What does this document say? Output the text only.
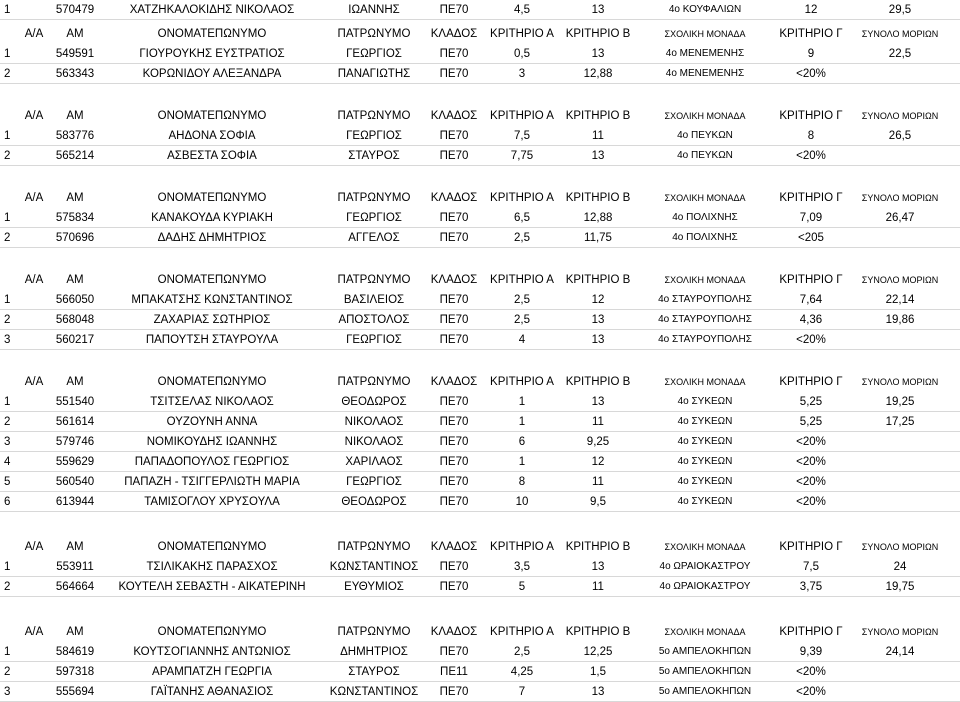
1	570479	ΧΑΤΖΗΚΑΛΟΚΙΔΗΣ ΝΙΚΟΛΑΟΣ	ΙΩΑΝΝΗΣ	ΠΕ70	4,5	13	4ο ΚΟΥΦΑΛΙΩΝ	12	29,5
Α/Α	ΑΜ	ΟΝΟΜΑΤΕΠΩΝΥΜΟ	ΠΑΤΡΩΝΥΜΟ	ΚΛΑΔΟΣ	ΚΡΙΤΗΡΙΟ Α	ΚΡΙΤΗΡΙΟ Β	ΣΧΟΛΙΚΗ ΜΟΝΑΔΑ	ΚΡΙΤΗΡΙΟ Γ	ΣΥΝΟΛΟ ΜΟΡΙΩΝ
1	549591	ΓΙΟΥΡΟΥΚΗΣ ΕΥΣΤΡΑΤΙΟΣ	ΓΕΩΡΓΙΟΣ	ΠΕ70	0,5	13	4ο ΜΕΝΕΜΕΝΗΣ	9	22,5
2	563343	ΚΟΡΩΝΙΔΟΥ ΑΛΕΞΑΝΔΡΑ	ΠΑΝΑΓΙΩΤΗΣ	ΠΕ70	3	12,88	4ο ΜΕΝΕΜΕΝΗΣ	<20%
Α/Α	ΑΜ	ΟΝΟΜΑΤΕΠΩΝΥΜΟ	ΠΑΤΡΩΝΥΜΟ	ΚΛΑΔΟΣ	ΚΡΙΤΗΡΙΟ Α	ΚΡΙΤΗΡΙΟ Β	ΣΧΟΛΙΚΗ ΜΟΝΑΔΑ	ΚΡΙΤΗΡΙΟ Γ	ΣΥΝΟΛΟ ΜΟΡΙΩΝ
1	583776	ΑΗΔΟΝΑ ΣΟΦΙΑ	ΓΕΩΡΓΙΟΣ	ΠΕ70	7,5	11	4ο ΠΕΥΚΩΝ	8	26,5
2	565214	ΑΣΒΕΣΤΑ ΣΟΦΙΑ	ΣΤΑΥΡΟΣ	ΠΕ70	7,75	13	4ο ΠΕΥΚΩΝ	<20%
Α/Α	ΑΜ	ΟΝΟΜΑΤΕΠΩΝΥΜΟ	ΠΑΤΡΩΝΥΜΟ	ΚΛΑΔΟΣ	ΚΡΙΤΗΡΙΟ Α	ΚΡΙΤΗΡΙΟ Β	ΣΧΟΛΙΚΗ ΜΟΝΑΔΑ	ΚΡΙΤΗΡΙΟ Γ	ΣΥΝΟΛΟ ΜΟΡΙΩΝ
1	575834	ΚΑΝΑΚΟΥΔΑ ΚΥΡΙΑΚΗ	ΓΕΩΡΓΙΟΣ	ΠΕ70	6,5	12,88	4ο ΠΟΛΙΧΝΗΣ	7,09	26,47
2	570696	ΔΑΔΗΣ ΔΗΜΗΤΡΙΟΣ	ΑΓΓΕΛΟΣ	ΠΕ70	2,5	11,75	4ο ΠΟΛΙΧΝΗΣ	<205
Α/Α	ΑΜ	ΟΝΟΜΑΤΕΠΩΝΥΜΟ	ΠΑΤΡΩΝΥΜΟ	ΚΛΑΔΟΣ	ΚΡΙΤΗΡΙΟ Α	ΚΡΙΤΗΡΙΟ Β	ΣΧΟΛΙΚΗ ΜΟΝΑΔΑ	ΚΡΙΤΗΡΙΟ Γ	ΣΥΝΟΛΟ ΜΟΡΙΩΝ
1	566050	ΜΠΑΚΑΤΣΗΣ ΚΩΝΣΤΑΝΤΙΝΟΣ	ΒΑΣΙΛΕΙΟΣ	ΠΕ70	2,5	12	4ο ΣΤΑΥΡΟΥΠΟΛΗΣ	7,64	22,14
2	568048	ΖΑΧΑΡΙΑΣ ΣΩΤΗΡΙΟΣ	ΑΠΟΣΤΟΛΟΣ	ΠΕ70	2,5	13	4ο ΣΤΑΥΡΟΥΠΟΛΗΣ	4,36	19,86
3	560217	ΠΑΠΟΥΤΣΗ ΣΤΑΥΡΟΥΛΑ	ΓΕΩΡΓΙΟΣ	ΠΕ70	4	13	4ο ΣΤΑΥΡΟΥΠΟΛΗΣ	<20%
Α/Α	ΑΜ	ΟΝΟΜΑΤΕΠΩΝΥΜΟ	ΠΑΤΡΩΝΥΜΟ	ΚΛΑΔΟΣ	ΚΡΙΤΗΡΙΟ Α	ΚΡΙΤΗΡΙΟ Β	ΣΧΟΛΙΚΗ ΜΟΝΑΔΑ	ΚΡΙΤΗΡΙΟ Γ	ΣΥΝΟΛΟ ΜΟΡΙΩΝ
1	551540	ΤΣΙΤΣΕΛΑΣ ΝΙΚΟΛΑΟΣ	ΘΕΟΔΩΡΟΣ	ΠΕ70	1	13	4ο ΣΥΚΕΩΝ	5,25	19,25
2	561614	ΟΥΖΟΥΝΗ ΑΝΝΑ	ΝΙΚΟΛΑΟΣ	ΠΕ70	1	11	4ο ΣΥΚΕΩΝ	5,25	17,25
3	579746	ΝΟΜΙΚΟΥΔΗΣ ΙΩΑΝΝΗΣ	ΝΙΚΟΛΑΟΣ	ΠΕ70	6	9,25	4ο ΣΥΚΕΩΝ	<20%
4	559629	ΠΑΠΑΔΟΠΟΥΛΟΣ ΓΕΩΡΓΙΟΣ	ΧΑΡΙΛΑΟΣ	ΠΕ70	1	12	4ο ΣΥΚΕΩΝ	<20%
5	560540	ΠΑΠΑΖΗ - ΤΣΙΓΓΕΡΛΙΩΤΗ ΜΑΡΙΑ	ΓΕΩΡΓΙΟΣ	ΠΕ70	8	11	4ο ΣΥΚΕΩΝ	<20%
6	613944	ΤΑΜΙΣΟΓΛΟΥ ΧΡΥΣΟΥΛΑ	ΘΕΟΔΩΡΟΣ	ΠΕ70	10	9,5	4ο ΣΥΚΕΩΝ	<20%
Α/Α	ΑΜ	ΟΝΟΜΑΤΕΠΩΝΥΜΟ	ΠΑΤΡΩΝΥΜΟ	ΚΛΑΔΟΣ	ΚΡΙΤΗΡΙΟ Α	ΚΡΙΤΗΡΙΟ Β	ΣΧΟΛΙΚΗ ΜΟΝΑΔΑ	ΚΡΙΤΗΡΙΟ Γ	ΣΥΝΟΛΟ ΜΟΡΙΩΝ
1	553911	ΤΣΙΛΙΚΑΚΗΣ ΠΑΡΑΣΧΟΣ	ΚΩΝΣΤΑΝΤΙΝΟΣ	ΠΕ70	3,5	13	4ο ΩΡΑΙΟΚΑΣΤΡΟΥ	7,5	24
2	564664	ΚΟΥΤΕΛΗ ΣΕΒΑΣΤΗ - ΑΙΚΑΤΕΡΙΝΗ	ΕΥΘΥΜΙΟΣ	ΠΕ70	5	11	4ο ΩΡΑΙΟΚΑΣΤΡΟΥ	3,75	19,75
Α/Α	ΑΜ	ΟΝΟΜΑΤΕΠΩΝΥΜΟ	ΠΑΤΡΩΝΥΜΟ	ΚΛΑΔΟΣ	ΚΡΙΤΗΡΙΟ Α	ΚΡΙΤΗΡΙΟ Β	ΣΧΟΛΙΚΗ ΜΟΝΑΔΑ	ΚΡΙΤΗΡΙΟ Γ	ΣΥΝΟΛΟ ΜΟΡΙΩΝ
1	584619	ΚΟΥΤΣΟΓΙΑΝΝΗΣ ΑΝΤΩΝΙΟΣ	ΔΗΜΗΤΡΙΟΣ	ΠΕ70	2,5	12,25	5ο ΑΜΠΕΛΟΚΗΠΩΝ	9,39	24,14
2	597318	ΑΡΑΜΠΑΤΖΗ ΓΕΩΡΓΙΑ	ΣΤΑΥΡΟΣ	ΠΕ11	4,25	1,5	5ο ΑΜΠΕΛΟΚΗΠΩΝ	<20%
3	555694	ΓΑΪΤΑΝΗΣ ΑΘΑΝΑΣΙΟΣ	ΚΩΝΣΤΑΝΤΙΝΟΣ	ΠΕ70	7	13	5ο ΑΜΠΕΛΟΚΗΠΩΝ	<20%
